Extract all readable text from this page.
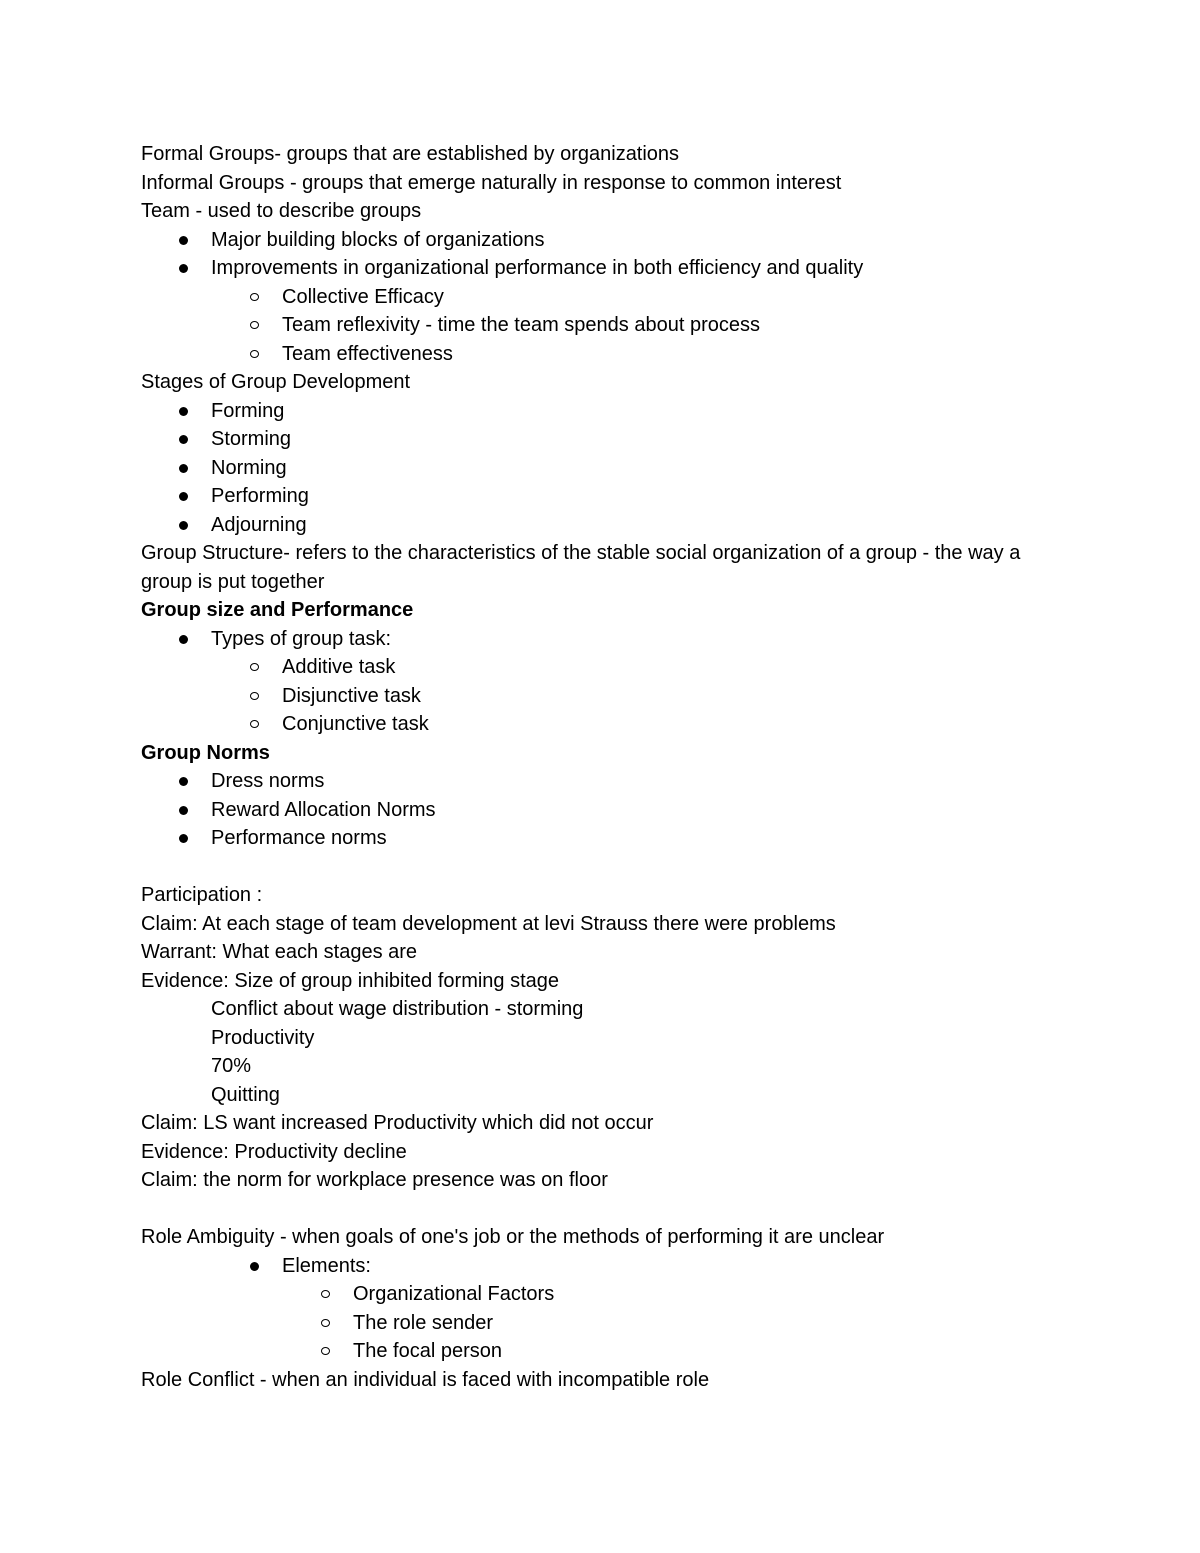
Formal Groups- groups that are established by organizations
Informal Groups - groups that emerge naturally in response to common interest
Team - used to describe groups
Major building blocks of organizations
Improvements in organizational performance in both efficiency and quality
Collective Efficacy
Team reflexivity - time the team spends about process
Team effectiveness
Stages of Group Development
Forming
Storming
Norming
Performing
Adjourning
Group Structure- refers to the characteristics of the stable social organization of a group - the way a group is put together
Group size and Performance
Types of group task:
Additive task
Disjunctive task
Conjunctive task
Group Norms
Dress norms
Reward Allocation Norms
Performance norms
Participation :
Claim: At each stage of team development at levi Strauss there were problems
Warrant: What each stages are
Evidence: Size of group inhibited forming stage
Conflict about wage distribution - storming
Productivity
70%
Quitting
Claim: LS want increased Productivity which did not occur
Evidence: Productivity decline
Claim: the norm for workplace presence was on floor
Role Ambiguity - when goals of one's job or the methods of performing it are unclear
Elements:
Organizational Factors
The role sender
The focal person
Role Conflict - when an individual is faced with incompatible role
